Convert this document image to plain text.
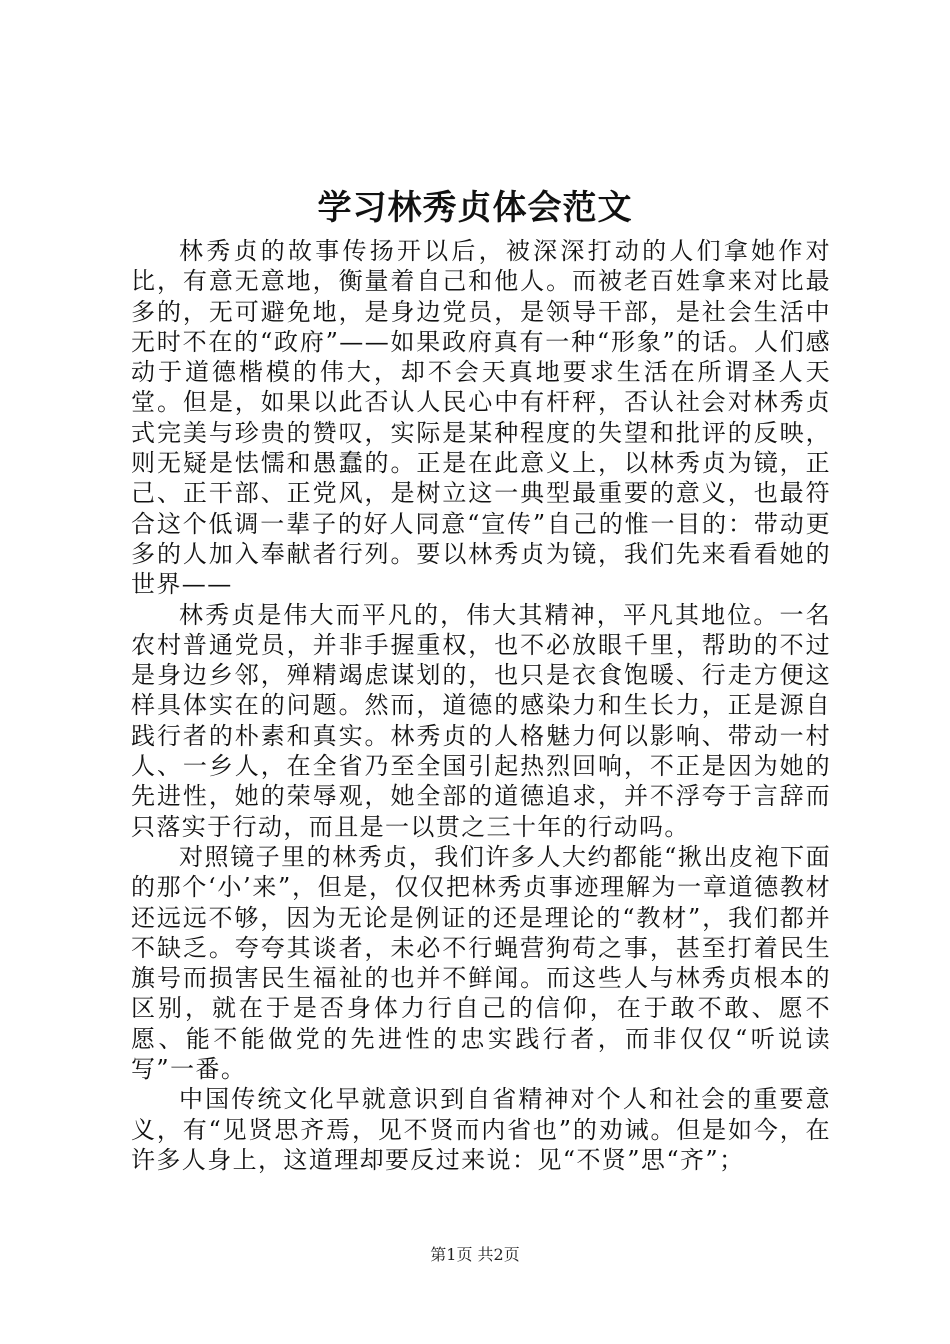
学习林秀贞体会范文

林秀贞的故事传扬开以后，被深深打动的人们拿她作对比，有意无意地，衡量着自己和他人。而被老百姓拿来对比最多的，无可避免地，是身边党员，是领导干部，是社会生活中无时不在的“政府”——如果政府真有一种“形象”的话。人们感动于道德楷模的伟大，却不会天真地要求生活在所谓圣人天堂。但是，如果以此否认人民心中有杆秤，否认社会对林秀贞式完美与珍贵的赞叹，实际是某种程度的失望和批评的反映，则无疑是怯懦和愚蠢的。正是在此意义上，以林秀贞为镜，正己、正干部、正党风，是树立这一典型最重要的意义，也最符合这个低调一辈子的好人同意“宣传”自己的惟一目的：带动更多的人加入奉献者行列。要以林秀贞为镜，我们先来看看她的世界——

林秀贞是伟大而平凡的，伟大其精神，平凡其地位。一名农村普通党员，并非手握重权，也不必放眼千里，帮助的不过是身边乡邻，殚精竭虑谋划的，也只是衣食饱暖、行走方便这样具体实在的问题。然而，道德的感染力和生长力，正是源自践行者的朴素和真实。林秀贞的人格魅力何以影响、带动一村人、一乡人，在全省乃至全国引起热烈回响，不正是因为她的先进性，她的荣辱观，她全部的道德追求，并不浮夸于言辞而只落实于行动，而且是一以贯之三十年的行动吗。

对照镜子里的林秀贞，我们许多人大约都能“揪出皮袍下面的那个‘小’来”，但是，仅仅把林秀贞事迹理解为一章道德教材还远远不够，因为无论是例证的还是理论的“教材”，我们都并不缺乏。夸夸其谈者，未必不行蝇营狗苟之事，甚至打着民生旗号而损害民生福祉的也并不鲜闻。而这些人与林秀贞根本的区别，就在于是否身体力行自己的信仰，在于敢不敢、愿不愿、能不能做党的先进性的忠实践行者，而非仅仅“听说读写”一番。

中国传统文化早就意识到自省精神对个人和社会的重要意义，有“见贤思齐焉，见不贤而内省也”的劝诫。但是如今，在许多人身上，这道理却要反过来说：见“不贤”思“齐”；

第1页 共2页
